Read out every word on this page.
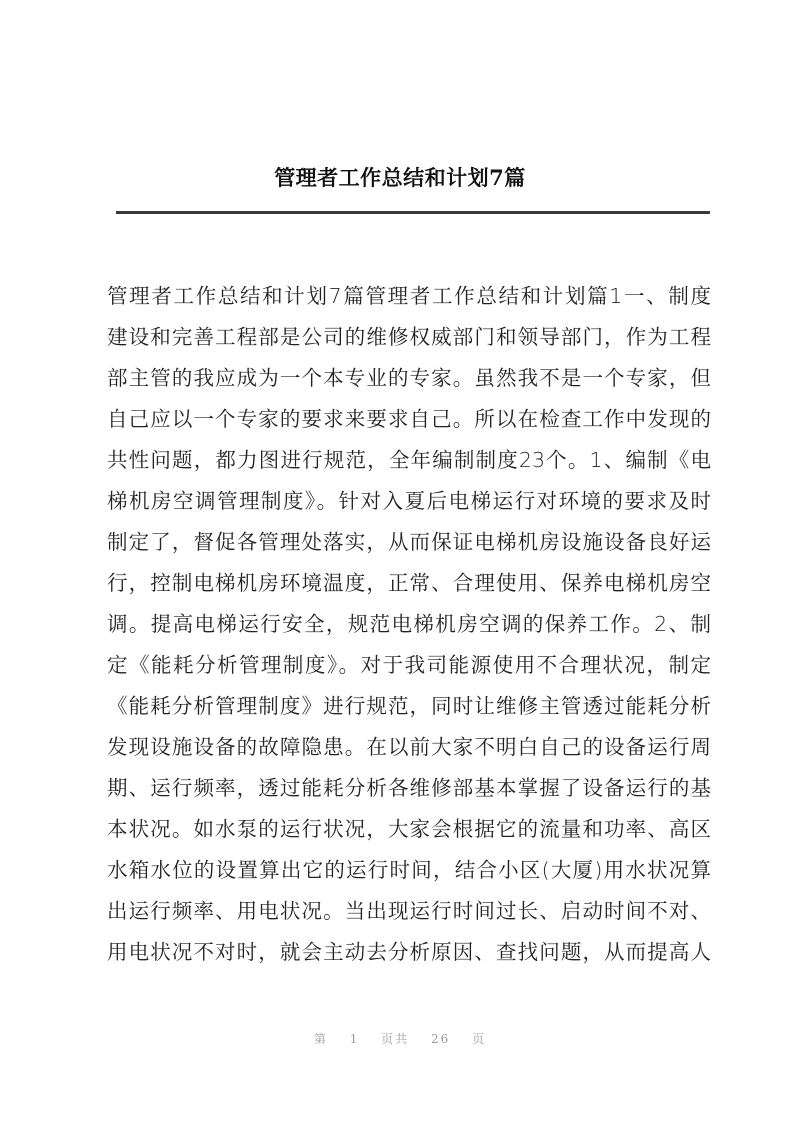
管理者工作总结和计划7篇
管理者工作总结和计划7篇管理者工作总结和计划篇1一、制度
建设和完善工程部是公司的维修权威部门和领导部门，作为工程
部主管的我应成为一个本专业的专家。虽然我不是一个专家，但
自己应以一个专家的要求来要求自己。所以在检查工作中发现的
共性问题，都力图进行规范，全年编制制度23个。1、编制《电
梯机房空调管理制度》。针对入夏后电梯运行对环境的要求及时
制定了，督促各管理处落实，从而保证电梯机房设施设备良好运
行，控制电梯机房环境温度，正常、合理使用、保养电梯机房空
调。提高电梯运行安全，规范电梯机房空调的保养工作。2、制
定《能耗分析管理制度》。对于我司能源使用不合理状况，制定
《能耗分析管理制度》进行规范，同时让维修主管透过能耗分析
发现设施设备的故障隐患。在以前大家不明白自己的设备运行周
期、运行频率，透过能耗分析各维修部基本掌握了设备运行的基
本状况。如水泵的运行状况，大家会根据它的流量和功率、高区
水箱水位的设置算出它的运行时间，结合小区(大厦)用水状况算
出运行频率、用电状况。当出现运行时间过长、启动时间不对、
用电状况不对时，就会主动去分析原因、查找问题，从而提高人
第 1 页共 26 页
